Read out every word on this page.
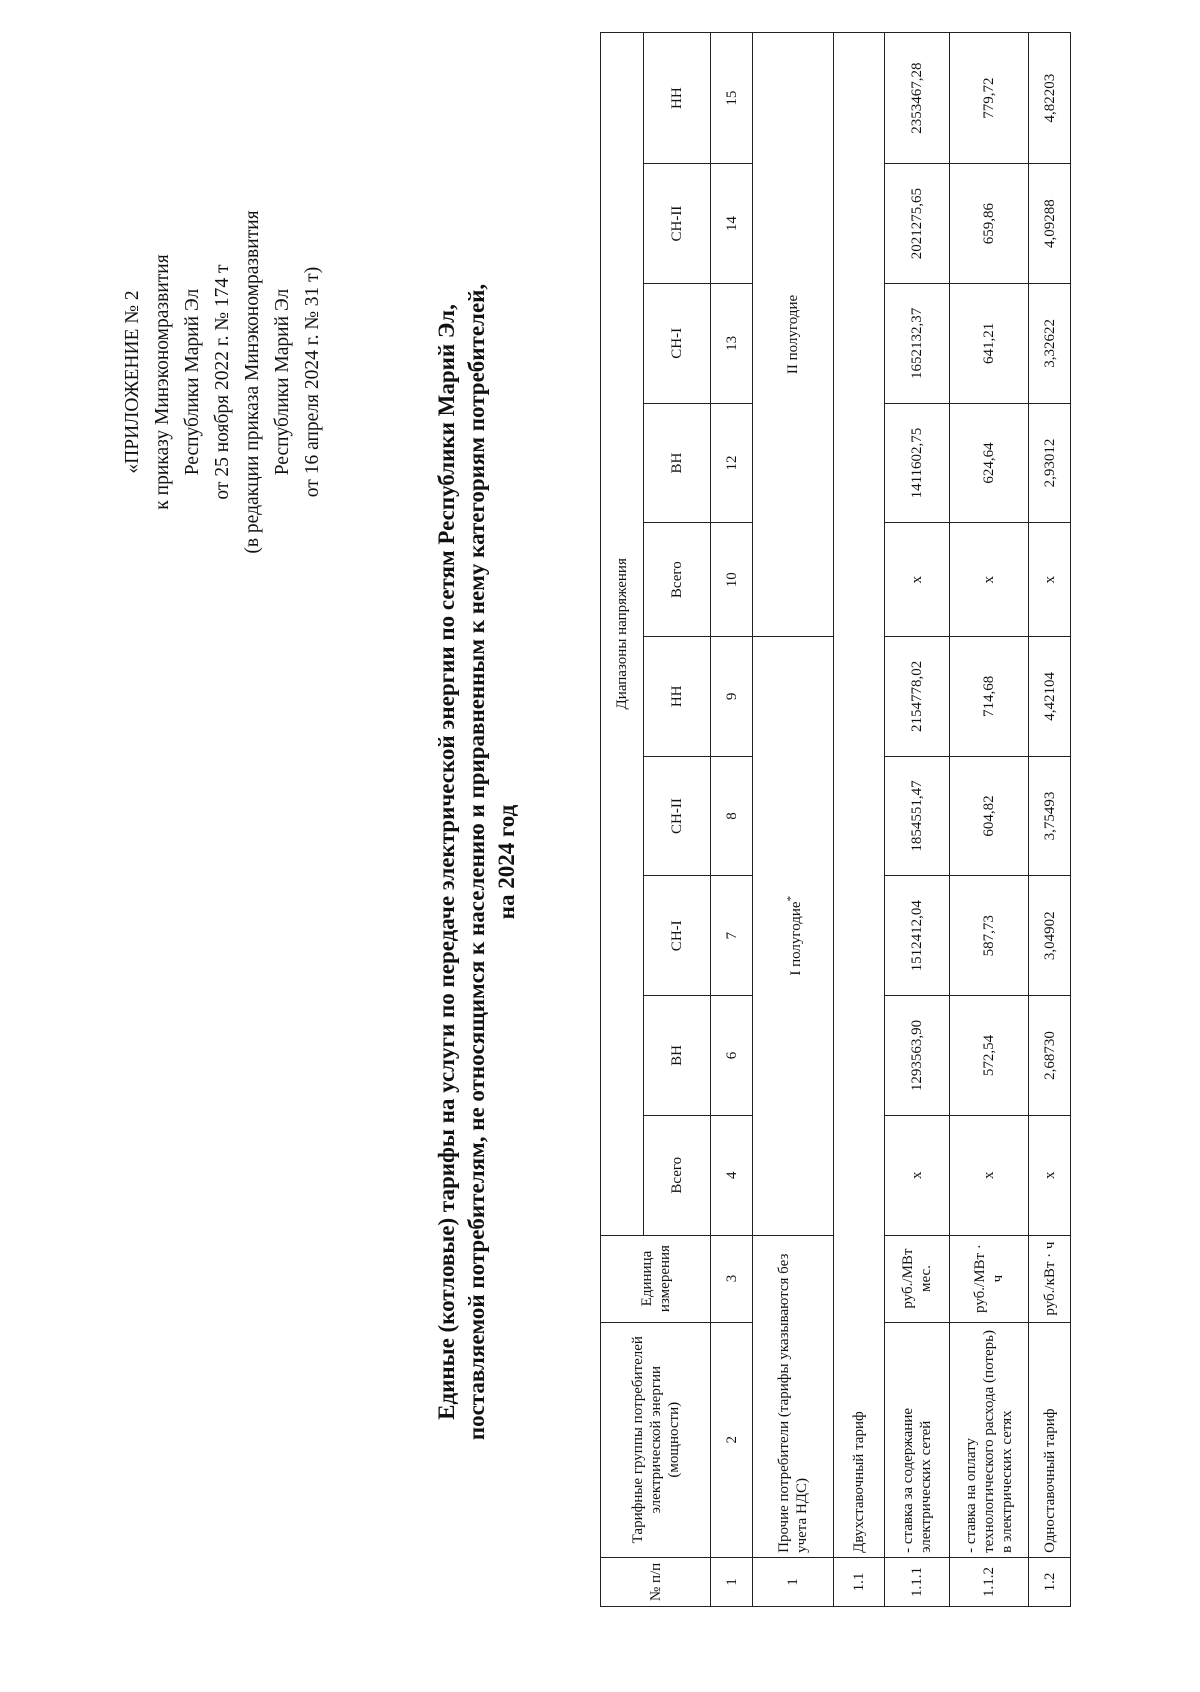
«ПРИЛОЖЕНИЕ № 2 к приказу Минэкономразвития Республики Марий Эл от 25 ноября 2022 г. № 174 т (в редакции приказа Минэкономразвития Республики Марий Эл от 16 апреля 2024 г. № 31 т)	Единые (котловые) тарифы на услуги по передаче электрической энергии по сетям Республики Марий Эл, поставляемой потребителям, не относящимся к населению и приравненным к нему категориям потребителей, на 2024 год
№ п/п	Тарифные группы потребителей электрической энергии (мощности)	Единица измерения	Диапазоны напряжения									
			Всего	ВН	СН-I	СН-II	НН	Всего	ВН	СН-I	СН-II	НН
1	2	3	4	6	7	8	9	10	12	13	14	15
1	Прочие потребители (тарифы указываются без учета НДС)		I полугодие*					II полугодие				
1.1	Двухставочный тариф											
1.1.1	- ставка за содержание электрических сетей	руб./МВт мес.	х	1293563,90	1512412,04	1854551,47	2154778,02	х	1411602,75	1652132,37	2021275,65	2353467,28
1.1.2	- ставка на оплату технологического расхода (потерь) в электрических сетях	руб./МВт · ч	х	572,54	587,73	604,82	714,68	х	624,64	641,21	659,86	779,72
1.2	Одноставочный тариф	руб./кВт · ч	х	2,68730	3,04902	3,75493	4,42104	х	2,93012	3,32622	4,09288	4,82203
